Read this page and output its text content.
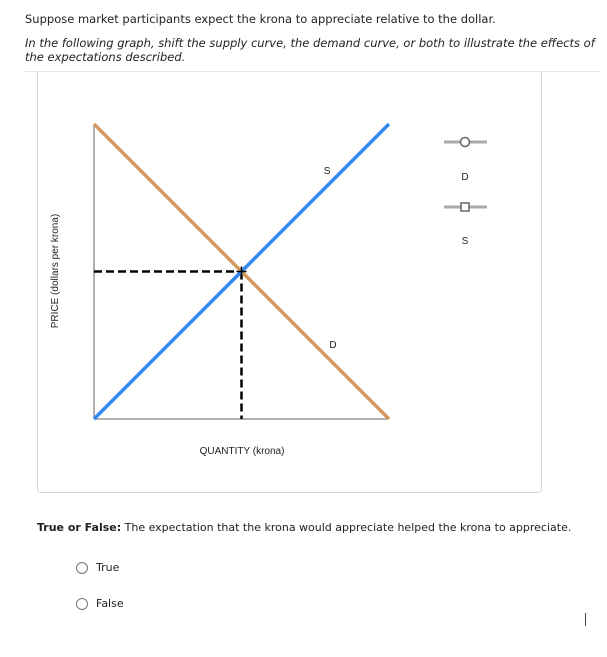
Suppose market participants expect the krona to appreciate relative to the dollar.
In the following graph, shift the supply curve, the demand curve, or both to illustrate the effects of the expectations described.
D
S
QUANTITY (krona)
PRICE (dollars per krona)
D
S
True or False: The expectation that the krona would appreciate helped the krona to appreciate.
True
False
